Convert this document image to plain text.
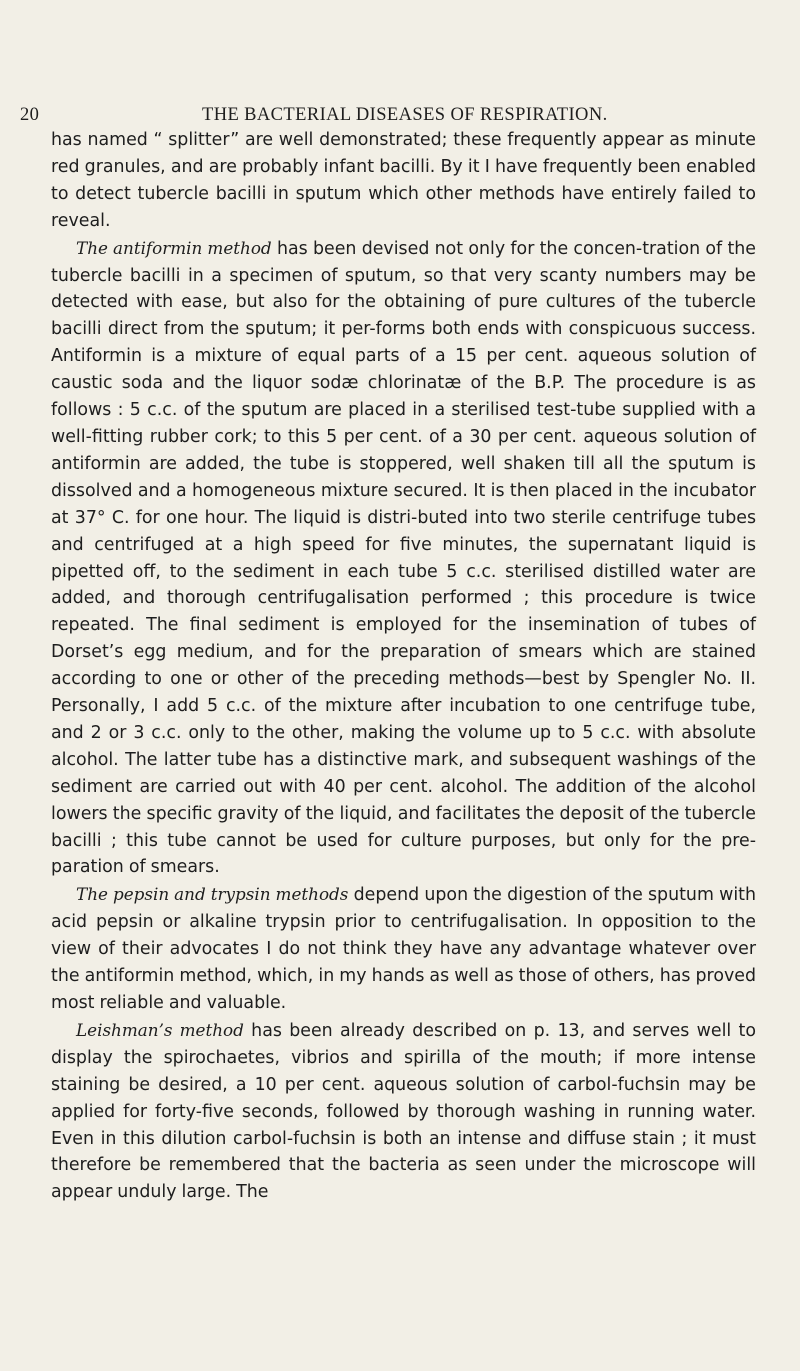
20	THE BACTERIAL DISEASES OF RESPIRATION.

has named “ splitter” are well demonstrated; these frequently appear as minute red granules, and are probably infant bacilli. By it I have frequently been enabled to detect tubercle bacilli in sputum which other methods have entirely failed to reveal.

The antiformin method has been devised not only for the concen-tration of the tubercle bacilli in a specimen of sputum, so that very scanty numbers may be detected with ease, but also for the obtaining of pure cultures of the tubercle bacilli direct from the sputum; it per-forms both ends with conspicuous success. Antiformin is a mixture of equal parts of a 15 per cent. aqueous solution of caustic soda and the liquor sodæ chlorinatæ of the B.P. The procedure is as follows : 5 c.c. of the sputum are placed in a sterilised test-tube supplied with a well-fitting rubber cork; to this 5 per cent. of a 30 per cent. aqueous solution of antiformin are added, the tube is stoppered, well shaken till all the sputum is dissolved and a homogeneous mixture secured. It is then placed in the incubator at 37° C. for one hour. The liquid is distri-buted into two sterile centrifuge tubes and centrifuged at a high speed for five minutes, the supernatant liquid is pipetted off, to the sediment in each tube 5 c.c. sterilised distilled water are added, and thorough centrifugalisation performed ; this procedure is twice repeated. The final sediment is employed for the insemination of tubes of Dorset’s egg medium, and for the preparation of smears which are stained according to one or other of the preceding methods—best by Spengler No. II. Personally, I add 5 c.c. of the mixture after incubation to one centrifuge tube, and 2 or 3 c.c. only to the other, making the volume up to 5 c.c. with absolute alcohol. The latter tube has a distinctive mark, and subsequent washings of the sediment are carried out with 40 per cent. alcohol. The addition of the alcohol lowers the specific gravity of the liquid, and facilitates the deposit of the tubercle bacilli ; this tube cannot be used for culture purposes, but only for the pre-paration of smears.

The pepsin and trypsin methods depend upon the digestion of the sputum with acid pepsin or alkaline trypsin prior to centrifugalisation. In opposition to the view of their advocates I do not think they have any advantage whatever over the antiformin method, which, in my hands as well as those of others, has proved most reliable and valuable.

Leishman’s method has been already described on p. 13, and serves well to display the spirochaetes, vibrios and spirilla of the mouth; if more intense staining be desired, a 10 per cent. aqueous solution of carbol-fuchsin may be applied for forty-five seconds, followed by thorough washing in running water. Even in this dilution carbol-fuchsin is both an intense and diffuse stain ; it must therefore be remembered that the bacteria as seen under the microscope will appear unduly large. The
